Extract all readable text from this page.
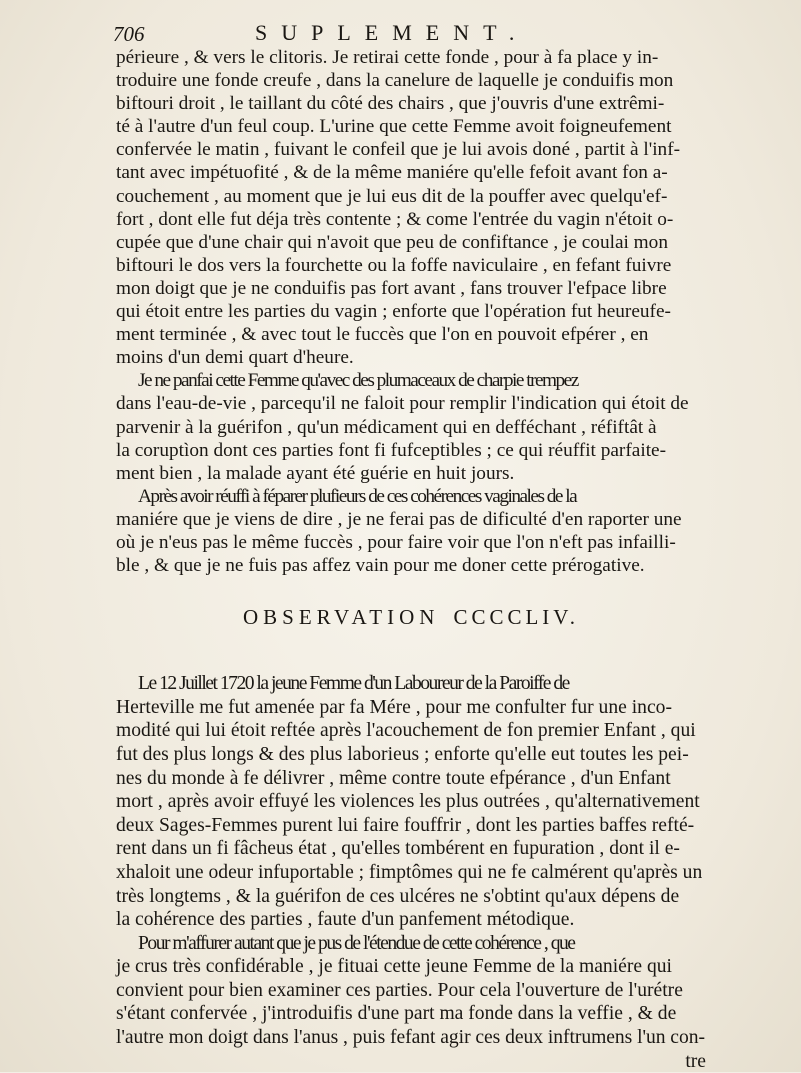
706	SUPLEMENT.

périeure , & vers le clitoris. Je retirai cette fonde , pour à fa place y in-
troduire une fonde creufe , dans la canelure de laquelle je conduifis mon
biftouri droit , le taillant du côté des chairs , que j'ouvris d'une extrêmi-
té à l'autre d'un feul coup. L'urine que cette Femme avoit foigneufement
confervée le matin , fuivant le confeil que je lui avois doné , partit à l'inf-
tant avec impétuofité , & de la même maniére qu'elle fefoit avant fon a-
couchement , au moment que je lui eus dit de la pouffer avec quelqu'ef-
fort , dont elle fut déja très contente ; & come l'entrée du vagin n'étoit o-
cupée que d'une chair qui n'avoit que peu de confiftance , je coulai mon
biftouri le dos vers la fourchette ou la foffe naviculaire , en fefant fuivre
mon doigt que je ne conduifis pas fort avant , fans trouver l'efpace libre
qui étoit entre les parties du vagin ; enforte que l'opération fut heureufe-
ment terminée , & avec tout le fuccès que l'on en pouvoit efpérer , en
moins d'un demi quart d'heure.

Je ne panfai cette Femme qu'avec des plumaceaux de charpie trempez
dans l'eau-de-vie , parcequ'il ne faloit pour remplir l'indication qui étoit de
parvenir à la guérifon , qu'un médicament qui en defféchant , réfiftât à
la coruptìon dont ces parties font fi fufceptibles ; ce qui réuffit parfaite-
ment bien , la malade ayant été guérie en huit jours.

Après avoir réuffi à féparer plufieurs de ces cohérences vaginales de la
maniére que je viens de dire , je ne ferai pas de dificulté d'en raporter une
où je n'eus pas le même fuccès , pour faire voir que l'on n'eft pas infailli-
ble , & que je ne fuis pas affez vain pour me doner cette prérogative.

OBSERVATION CCCCLIV.

Le 12 Juillet 1720 la jeune Femme d'un Laboureur de la Paroiffe de
Herteville me fut amenée par fa Mére , pour me confulter fur une inco-
modité qui lui étoit reftée après l'acouchement de fon premier Enfant , qui
fut des plus longs & des plus laborieus ; enforte qu'elle eut toutes les pei-
nes du monde à fe délivrer , même contre toute efpérance , d'un Enfant
mort , après avoir effuyé les violences les plus outrées , qu'alternativement
deux Sages-Femmes purent lui faire fouffrir , dont les parties baffes refté-
rent dans un fi fâcheus état , qu'elles tombérent en fupuration , dont il e-
xhaloit une odeur infuportable ; fimptômes qui ne fe calmérent qu'après un
très longtems , & la guérifon de ces ulcéres ne s'obtint qu'aux dépens de
la cohérence des parties , faute d'un panfement métodique.

Pour m'affurer autant que je pus de l'étendue de cette cohérence , que
je crus très confidérable , je fituai cette jeune Femme de la maniére qui
convient pour bien examiner ces parties. Pour cela l'ouverture de l'urétre
s'étant confervée , j'introduifis d'une part ma fonde dans la veffie , & de
l'autre mon doigt dans l'anus , puis fefant agir ces deux inftrumens l'un con-
tre
